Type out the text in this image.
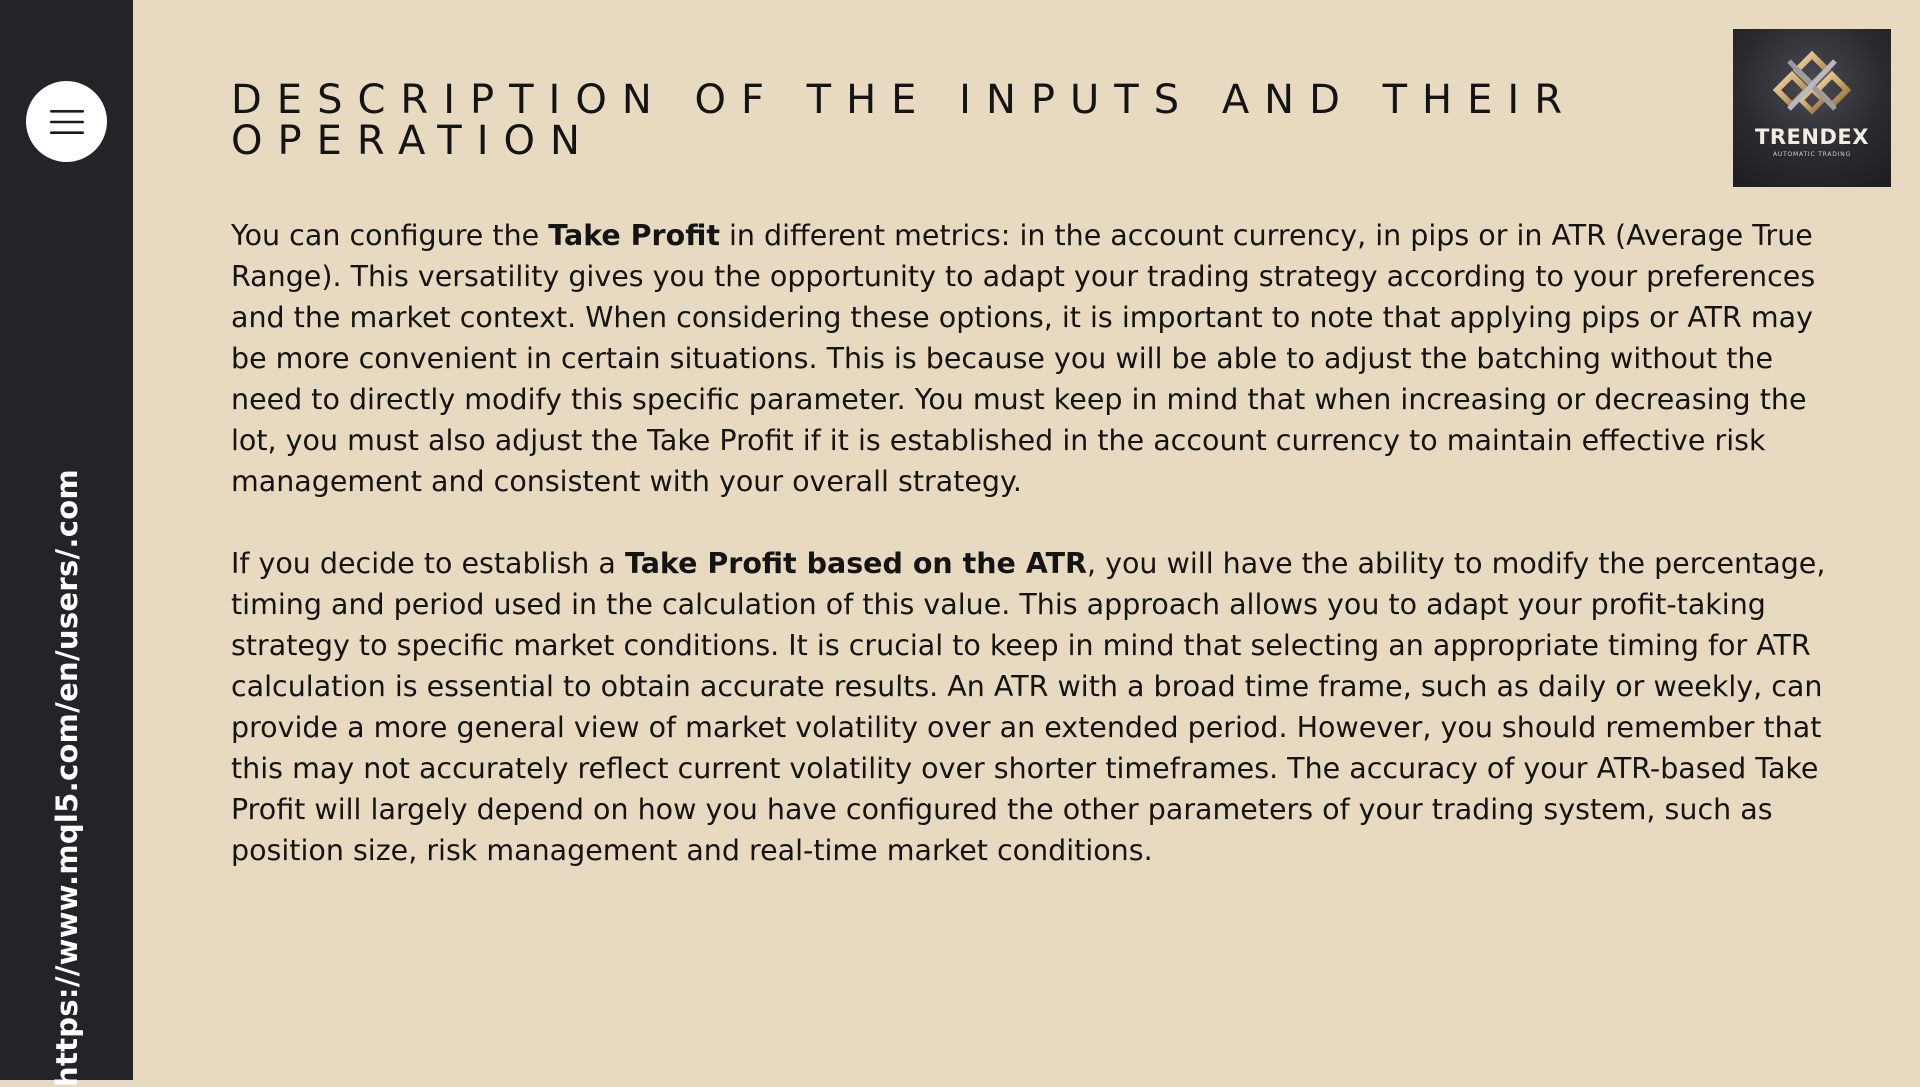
https://www.mql5.com/en/users/.com
TRENDEX
AUTOMATIC TRADING
DESCRIPTION OF THE INPUTS AND THEIR OPERATION

You can configure the Take Profit in different metrics: in the account currency, in pips or in ATR (Average True Range). This versatility gives you the opportunity to adapt your trading strategy according to your preferences and the market context. When considering these options, it is important to note that applying pips or ATR may be more convenient in certain situations. This is because you will be able to adjust the batching without the need to directly modify this specific parameter. You must keep in mind that when increasing or decreasing the lot, you must also adjust the Take Profit if it is established in the account currency to maintain effective risk management and consistent with your overall strategy.

If you decide to establish a Take Profit based on the ATR, you will have the ability to modify the percentage, timing and period used in the calculation of this value. This approach allows you to adapt your profit-taking strategy to specific market conditions. It is crucial to keep in mind that selecting an appropriate timing for ATR calculation is essential to obtain accurate results. An ATR with a broad time frame, such as daily or weekly, can provide a more general view of market volatility over an extended period. However, you should remember that this may not accurately reflect current volatility over shorter timeframes. The accuracy of your ATR-based Take Profit will largely depend on how you have configured the other parameters of your trading system, such as position size, risk management and real-time market conditions.
